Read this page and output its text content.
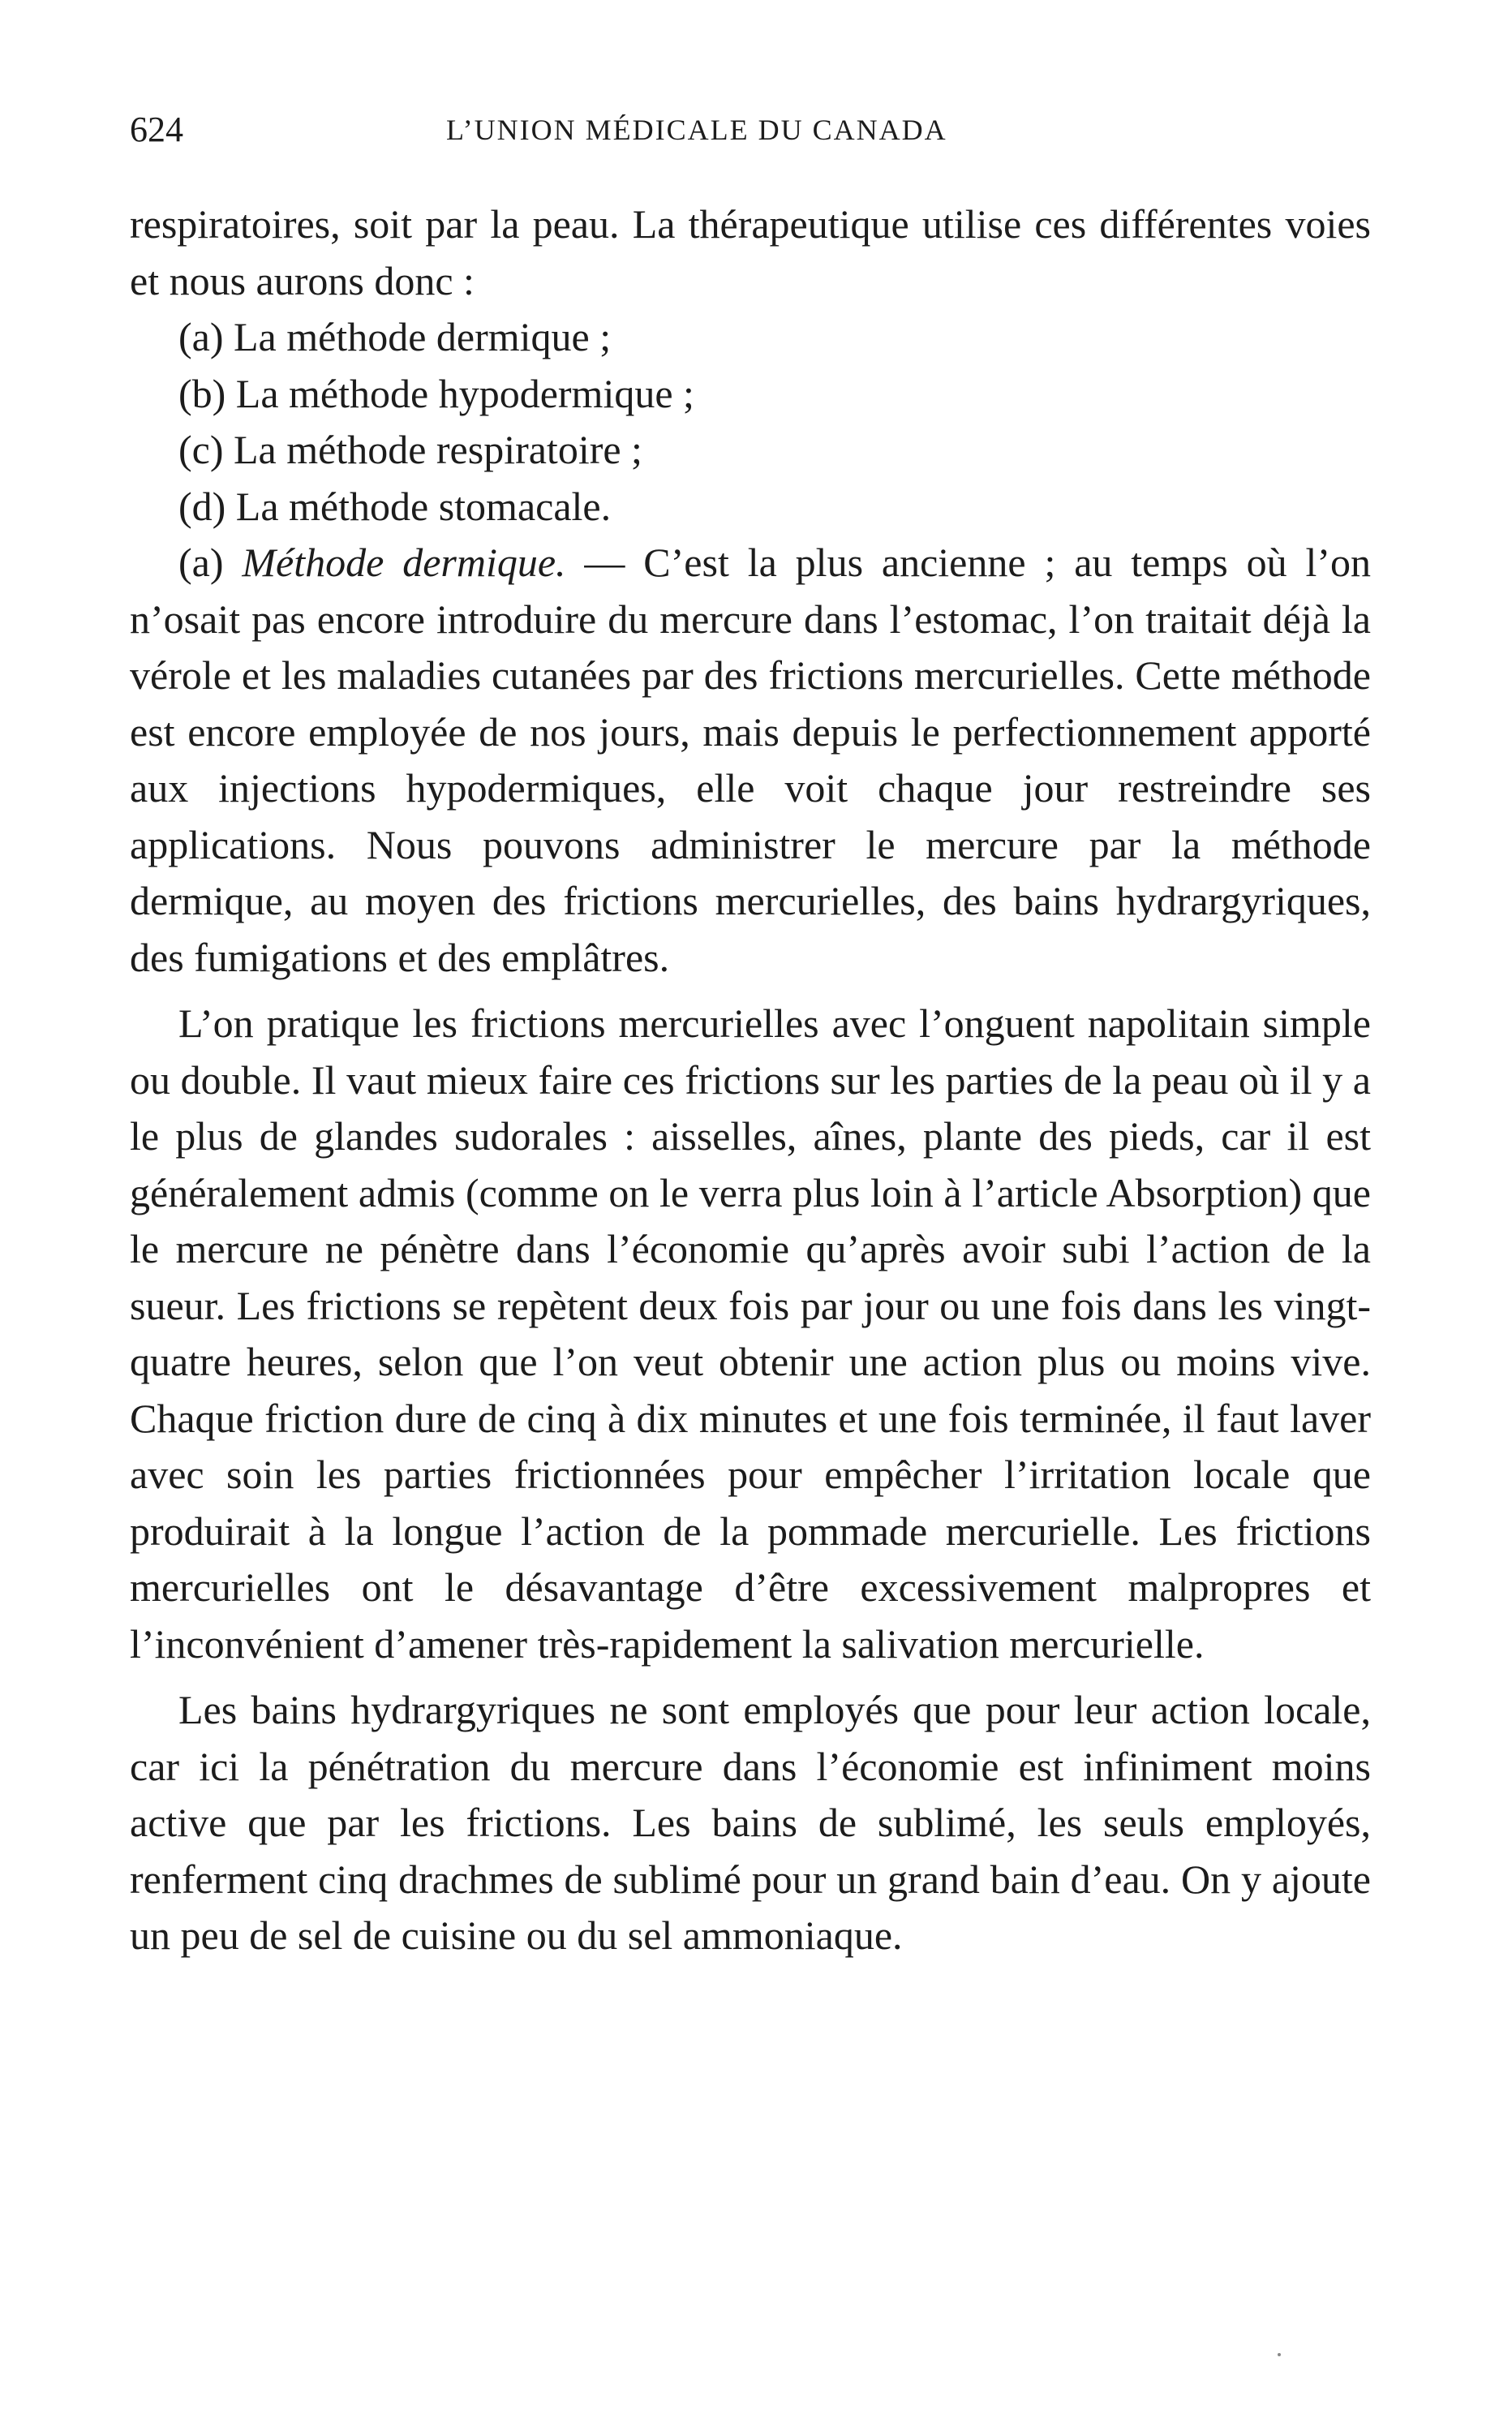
624	L’UNION MÉDICALE DU CANADA

respiratoires, soit par la peau. La thérapeutique utilise ces différentes voies et nous aurons donc :

(a) La méthode dermique ;
(b) La méthode hypodermique ;
(c) La méthode respiratoire ;
(d) La méthode stomacale.

(a) Méthode dermique. — C’est la plus ancienne ; au temps où l’on n’osait pas encore introduire du mercure dans l’estomac, l’on traitait déjà la vérole et les maladies cutanées par des frictions mercurielles. Cette méthode est encore employée de nos jours, mais depuis le perfectionnement apporté aux injections hypodermiques, elle voit chaque jour restreindre ses applications. Nous pouvons administrer le mercure par la méthode dermique, au moyen des frictions mercurielles, des bains hydrargyriques, des fumigations et des emplâtres.

L’on pratique les frictions mercurielles avec l’onguent napolitain simple ou double. Il vaut mieux faire ces frictions sur les parties de la peau où il y a le plus de glandes sudorales : aisselles, aînes, plante des pieds, car il est généralement admis (comme on le verra plus loin à l’article Absorption) que le mercure ne pénètre dans l’économie qu’après avoir subi l’action de la sueur. Les frictions se repètent deux fois par jour ou une fois dans les vingt-quatre heures, selon que l’on veut obtenir une action plus ou moins vive. Chaque friction dure de cinq à dix minutes et une fois terminée, il faut laver avec soin les parties frictionnées pour empêcher l’irritation locale que produirait à la longue l’action de la pommade mercurielle. Les frictions mercurielles ont le désavantage d’être excessivement malpropres et l’inconvénient d’amener très-rapidement la salivation mercurielle.

Les bains hydrargyriques ne sont employés que pour leur action locale, car ici la pénétration du mercure dans l’économie est infiniment moins active que par les frictions. Les bains de sublimé, les seuls employés, renferment cinq drachmes de sublimé pour un grand bain d’eau. On y ajoute un peu de sel de cuisine ou du sel ammoniaque.
